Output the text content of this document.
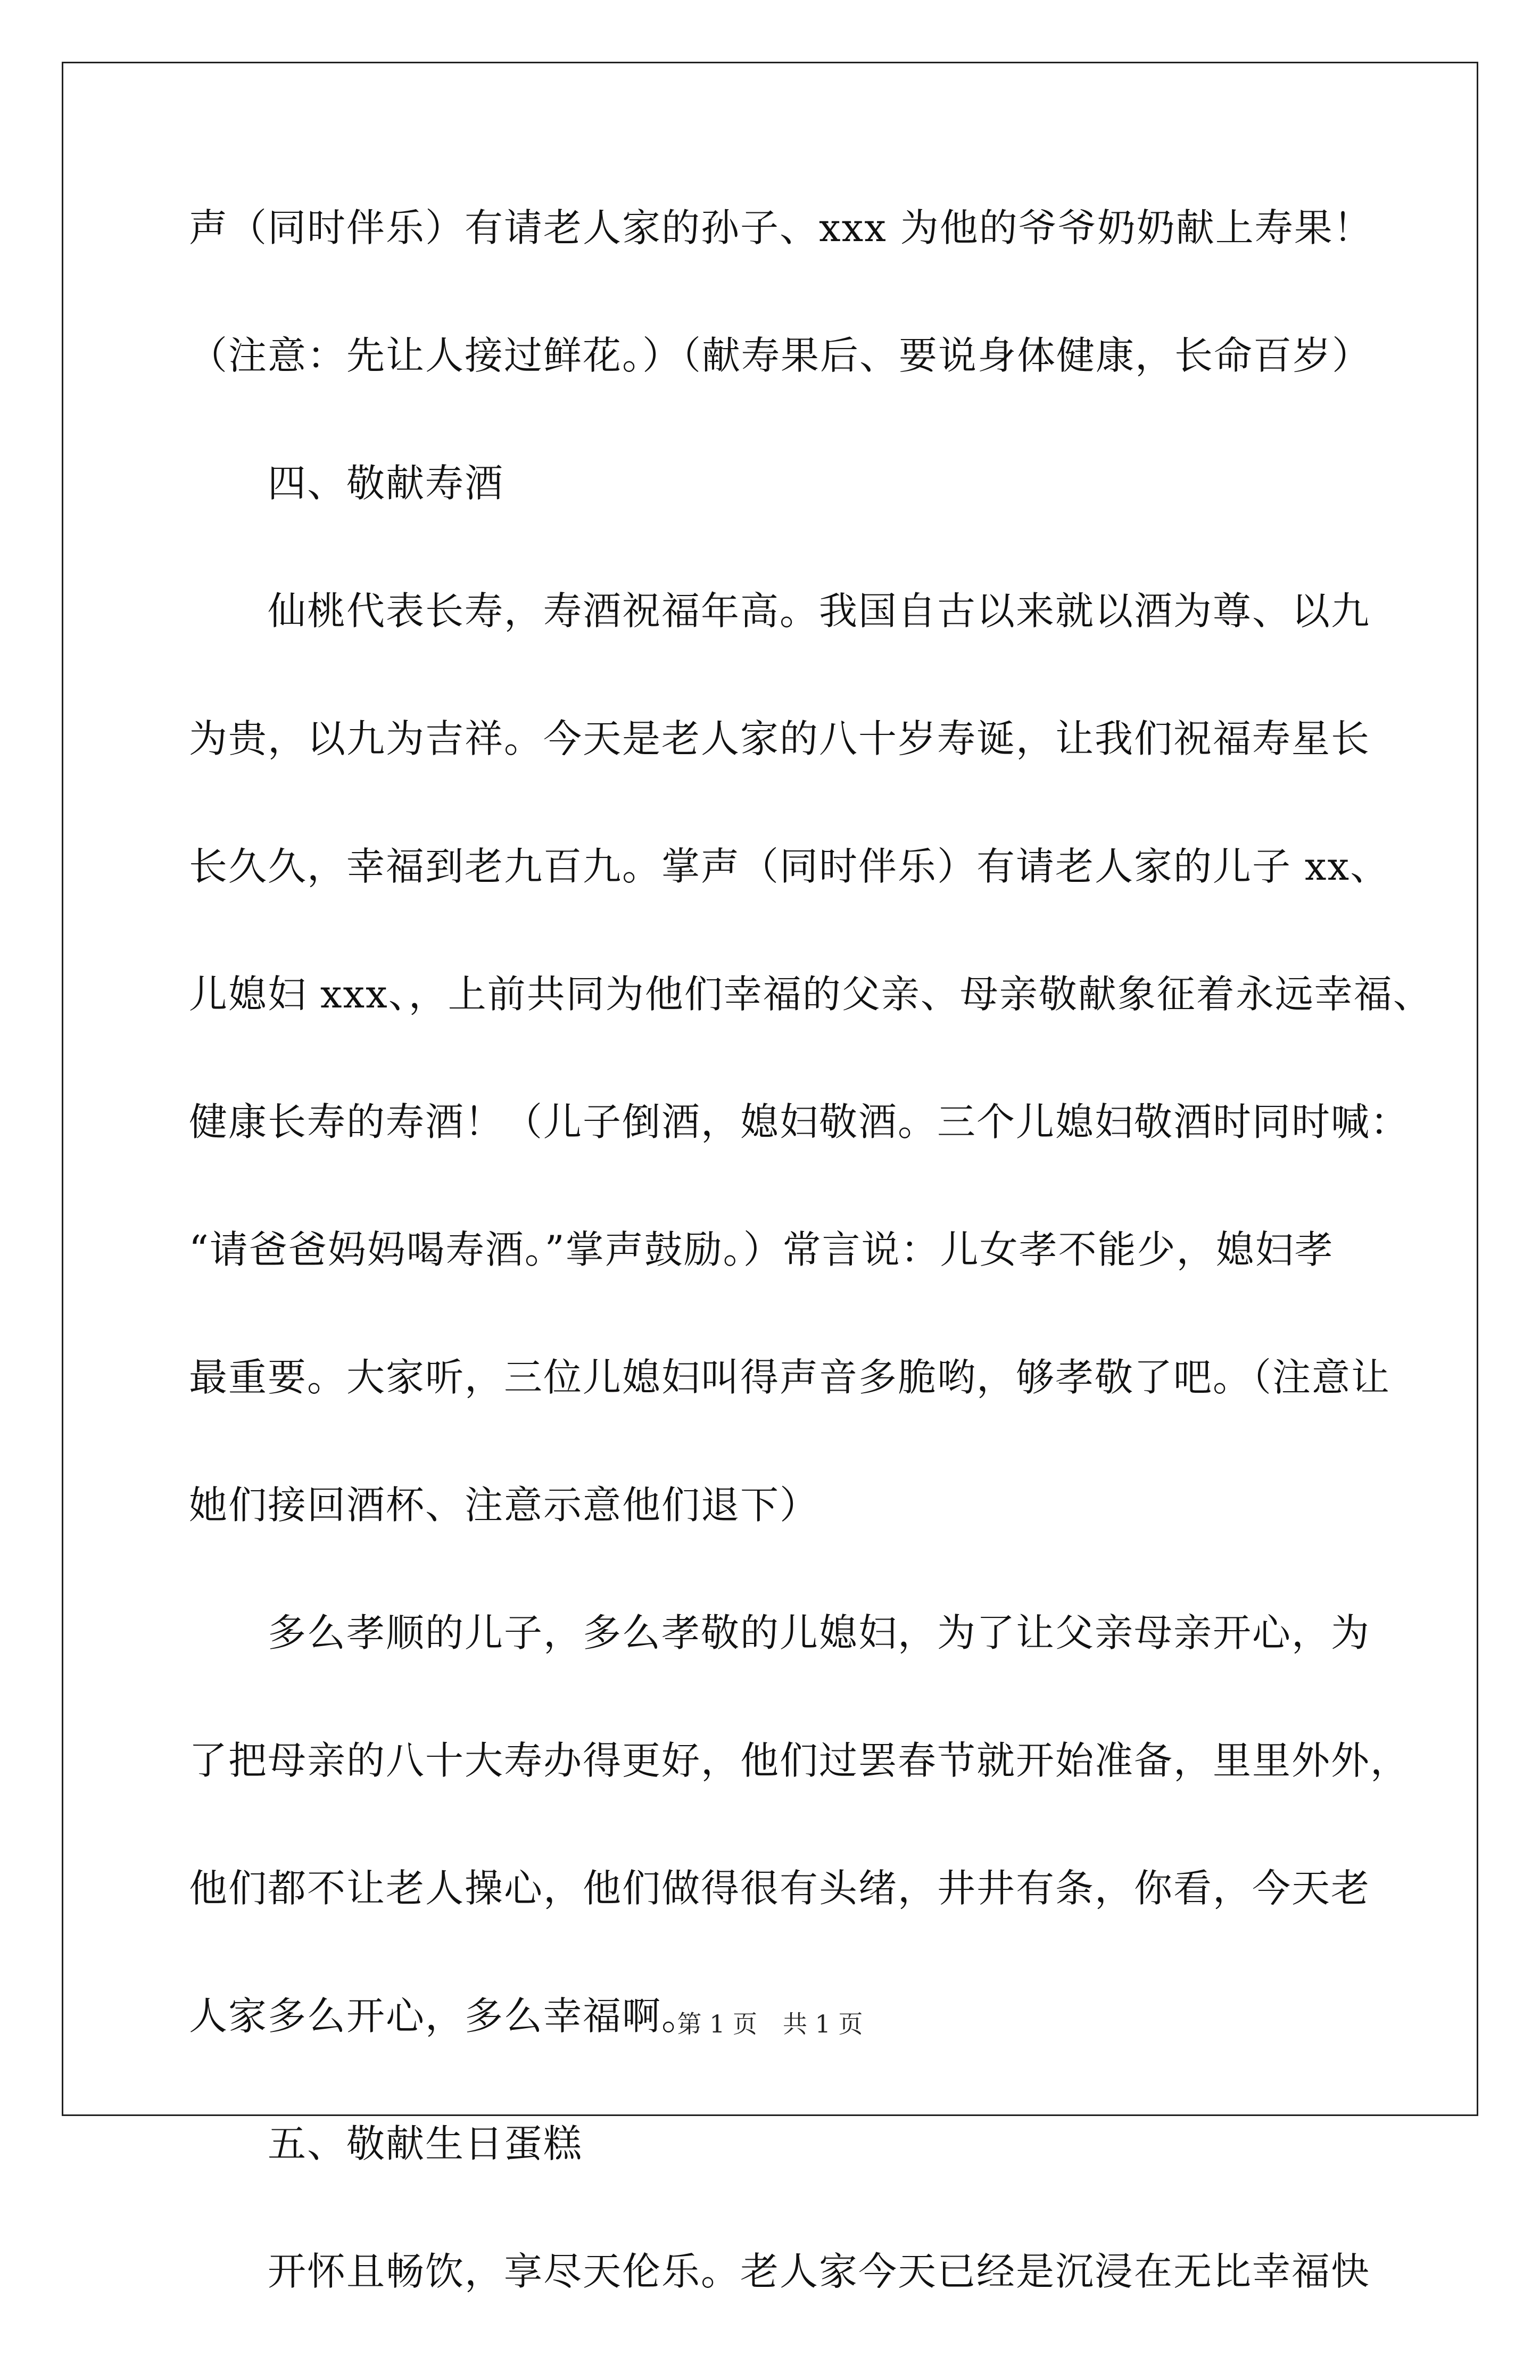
声（同时伴乐）有请老人家的孙子、xxx 为他的爷爷奶奶献上寿果！
（注意：先让人接过鲜花。）（献寿果后、要说身体健康，长命百岁）
四、敬献寿酒
仙桃代表长寿，寿酒祝福年高。我国自古以来就以酒为尊、以九
为贵，以九为吉祥。今天是老人家的八十岁寿诞，让我们祝福寿星长
长久久，幸福到老九百九。掌声（同时伴乐）有请老人家的儿子 xx、
儿媳妇 xxx、，上前共同为他们幸福的父亲、母亲敬献象征着永远幸福、
健康长寿的寿酒！（儿子倒酒，媳妇敬酒。三个儿媳妇敬酒时同时喊：
“请爸爸妈妈喝寿酒。”掌声鼓励。）常言说：儿女孝不能少，媳妇孝
最重要。大家听，三位儿媳妇叫得声音多脆哟，够孝敬了吧。（注意让
她们接回酒杯、注意示意他们退下）
多么孝顺的儿子，多么孝敬的儿媳妇，为了让父亲母亲开心，为
了把母亲的八十大寿办得更好，他们过罢春节就开始准备，里里外外，
他们都不让老人操心，他们做得很有头绪，井井有条，你看，今天老
人家多么开心，多么幸福啊。
五、敬献生日蛋糕
开怀且畅饮，享尽天伦乐。老人家今天已经是沉浸在无比幸福快
第 1 页 共 1 页
